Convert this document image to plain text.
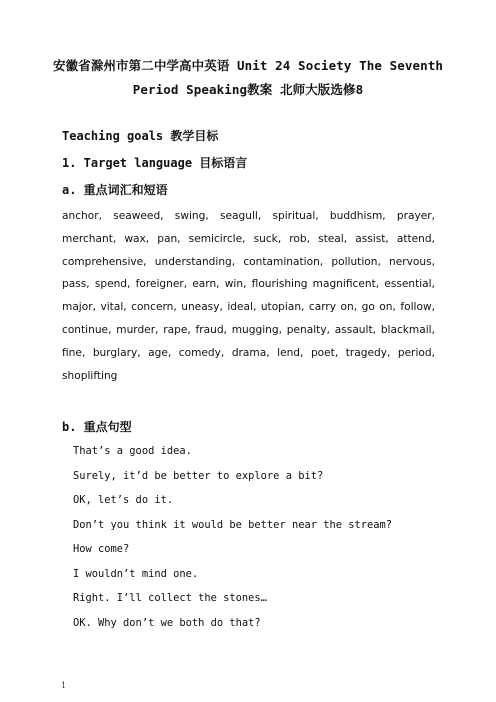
安徽省滁州市第二中学高中英语 Unit 24 Society The Seventh
Period Speaking教案 北师大版选修8
Teaching goals 教学目标
1. Target language 目标语言
a. 重点词汇和短语
anchor, seaweed, swing, seagull, spiritual, buddhism, prayer, merchant, wax, pan, semicircle, suck, rob, steal, assist, attend, comprehensive, understanding, contamination, pollution, nervous, pass, spend, foreigner, earn, win, flourishing magnificent, essential, major, vital, concern, uneasy, ideal, utopian, carry on, go on, follow, continue, murder, rape, fraud, mugging, penalty, assault, blackmail, fine, burglary, age, comedy, drama, lend, poet, tragedy, period, shoplifting
b. 重点句型
That’s a good idea.
Surely, it’d be better to explore a bit?
OK, let’s do it.
Don’t you think it would be better near the stream?
How come?
I wouldn’t mind one.
Right. I’ll collect the stones…
OK. Why don’t we both do that?
1
